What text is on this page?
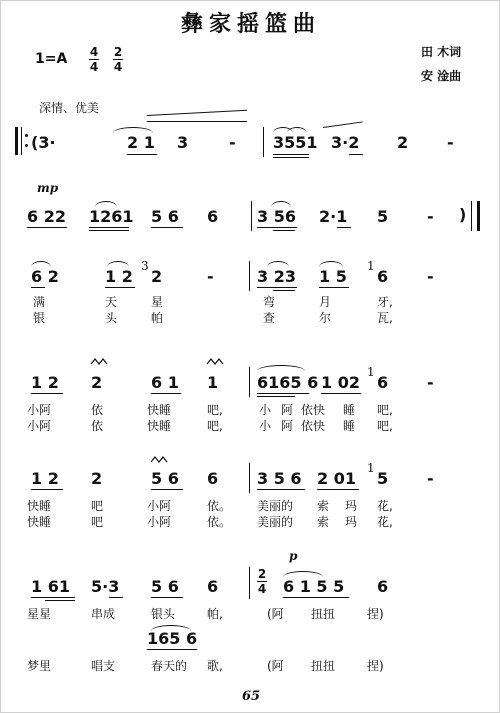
彝家摇篮曲
1=A 4
4
2
4
田 木词
安 淦曲
深情、优美
(3·	2 1 3	- 3551 3·2 2 -
mp
6 22 1261 5 6 6 3 56 2·1 5 - )
6 2	1 2
3
2	-	3 23 1 5
1
6 -
满	天	星	弯	月	牙,
银	头	帕	查	尔	瓦,
1 2 2	6 1 1 6165 6 1 02
1
6 -
小阿	依	快睡	吧,	小 阿 依快 睡 吧,
小阿	依	快睡	吧,	小 阿 依快 睡 吧,
1 2 2	5 6 6 3 5 6 2 01
1
5 -
快睡	吧	小阿	依。 美丽的 索 玛 花,
快睡	吧	小阿	依。 美丽的 索 玛 花,
p
1 61 5·3 5 6 6
2
4 6 1 5 5 6
星星	串成	银头	帕,	(阿 扭扭	捏)
165 6
梦里	唱支	春天的 歌,	(阿 扭扭	捏)
65
